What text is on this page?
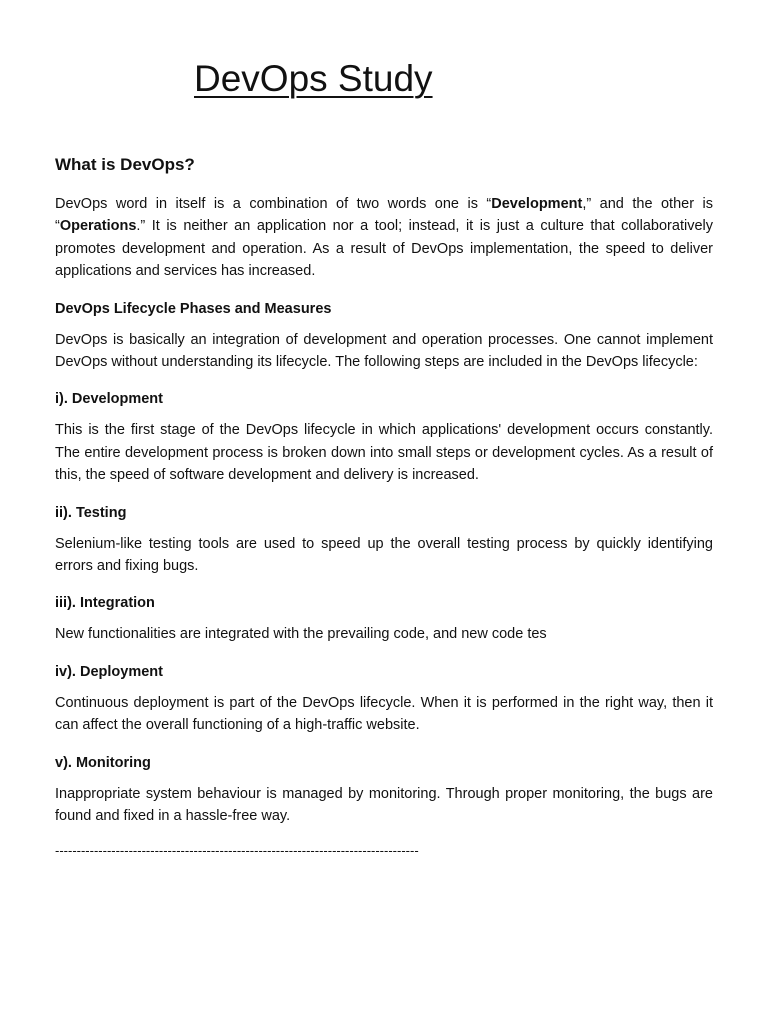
DevOps Study
What is DevOps?

DevOps word in itself is a combination of two words one is “Development,” and the other is “Operations.” It is neither an application nor a tool; instead, it is just a culture that collaboratively promotes development and operation. As a result of DevOps implementation, the speed to deliver applications and services has increased.

DevOps Lifecycle Phases and Measures

DevOps is basically an integration of development and operation processes. One cannot implement DevOps without understanding its lifecycle. The following steps are included in the DevOps lifecycle:

i). Development

This is the first stage of the DevOps lifecycle in which applications' development occurs constantly. The entire development process is broken down into small steps or development cycles. As a result of this, the speed of software development and delivery is increased.

ii). Testing

Selenium-like testing tools are used to speed up the overall testing process by quickly identifying errors and fixing bugs.

iii). Integration

New functionalities are integrated with the prevailing code, and new code tes

iv). Deployment

Continuous deployment is part of the DevOps lifecycle. When it is performed in the right way, then it can affect the overall functioning of a high-traffic website.

v). Monitoring

Inappropriate system behaviour is managed by monitoring. Through proper monitoring, the bugs are found and fixed in a hassle-free way.

------------------------------------------------------------------------------------
